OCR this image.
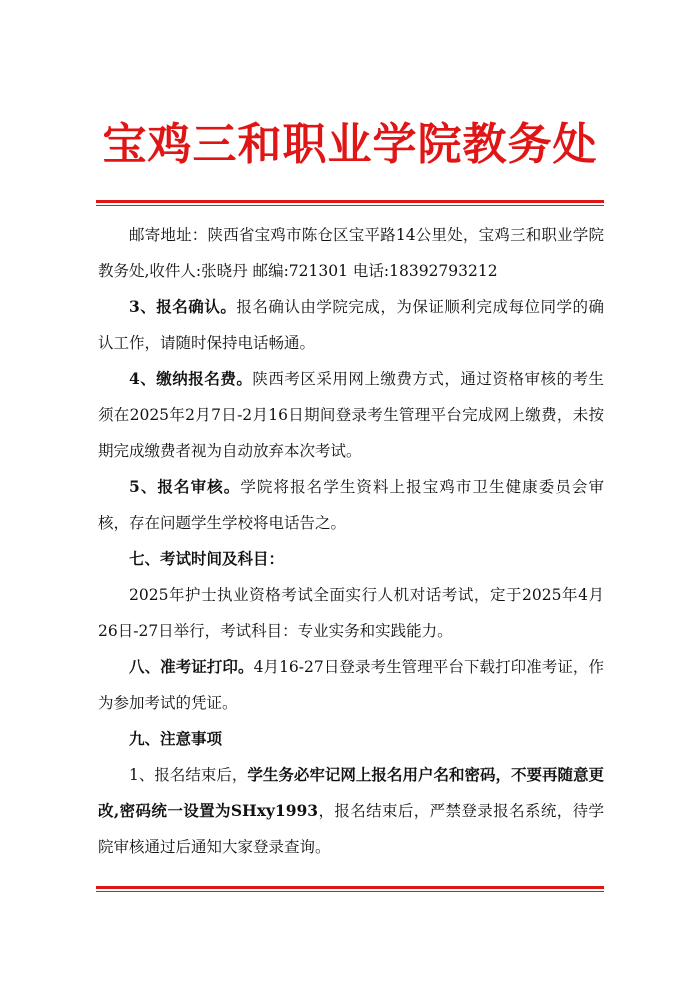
宝鸡三和职业学院教务处

邮寄地址：陕西省宝鸡市陈仓区宝平路14公里处，宝鸡三和职业学院教务处,收件人:张晓丹 邮编:721301 电话:18392793212

3、报名确认。报名确认由学院完成，为保证顺利完成每位同学的确认工作，请随时保持电话畅通。

4、缴纳报名费。陕西考区采用网上缴费方式，通过资格审核的考生须在2025年2月7日-2月16日期间登录考生管理平台完成网上缴费，未按期完成缴费者视为自动放弃本次考试。

5、报名审核。学院将报名学生资料上报宝鸡市卫生健康委员会审核，存在问题学生学校将电话告之。

七、考试时间及科目：

2025年护士执业资格考试全面实行人机对话考试，定于2025年4月26日-27日举行，考试科目：专业实务和实践能力。

八、准考证打印。4月16-27日登录考生管理平台下载打印准考证，作为参加考试的凭证。

九、注意事项

1、报名结束后，学生务必牢记网上报名用户名和密码，不要再随意更改,密码统一设置为SHxy1993，报名结束后，严禁登录报名系统，待学院审核通过后通知大家登录查询。
